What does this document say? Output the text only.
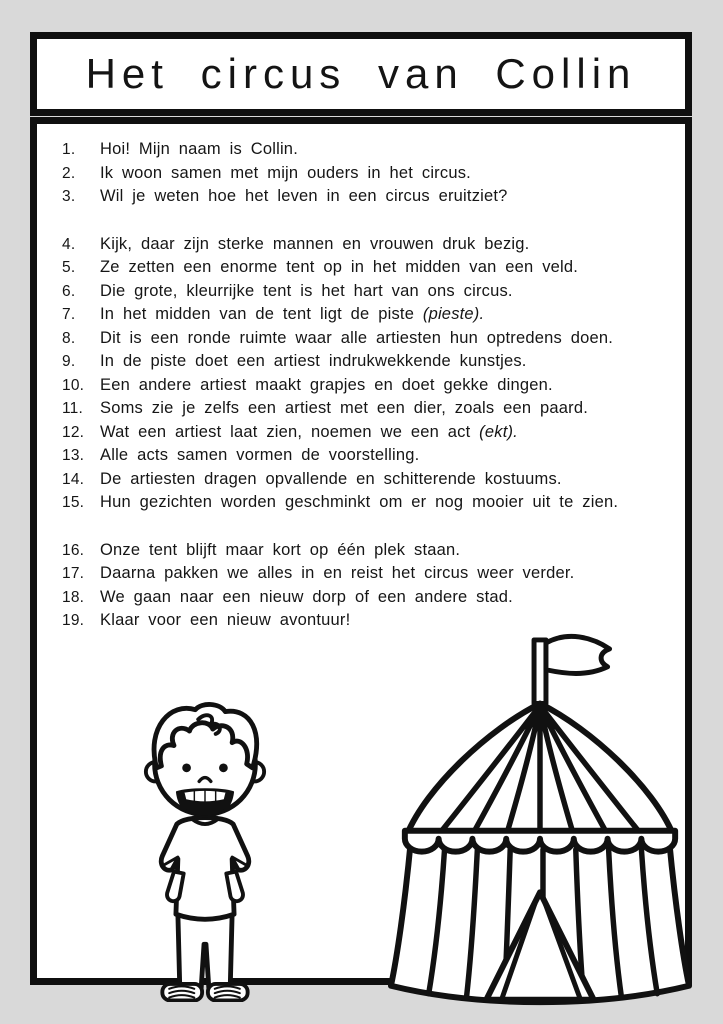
Het circus van Collin
1.	Hoi! Mijn naam is Collin.
2.	Ik woon samen met mijn ouders in het circus.
3.	Wil je weten hoe het leven in een circus eruitziet?
4.	Kijk, daar zijn sterke mannen en vrouwen druk bezig.
5.	Ze zetten een enorme tent op in het midden van een veld.
6.	Die grote, kleurrijke tent is het hart van ons circus.
7.	In het midden van de tent ligt de piste (pieste).
8.	Dit is een ronde ruimte waar alle artiesten hun optredens doen.
9.	In de piste doet een artiest indrukwekkende kunstjes.
10. Een andere artiest maakt grapjes en doet gekke dingen.
11.	Soms zie je zelfs een artiest met een dier, zoals een paard.
12. Wat een artiest laat zien, noemen we een act (ekt).
13. Alle acts samen vormen de voorstelling.
14. De artiesten dragen opvallende en schitterende kostuums.
15. Hun gezichten worden geschminkt om er nog mooier uit te zien.
16. Onze tent blijft maar kort op één plek staan.
17. Daarna pakken we alles in en reist het circus weer verder.
18. We gaan naar een nieuw dorp of een andere stad.
19. Klaar voor een nieuw avontuur!
